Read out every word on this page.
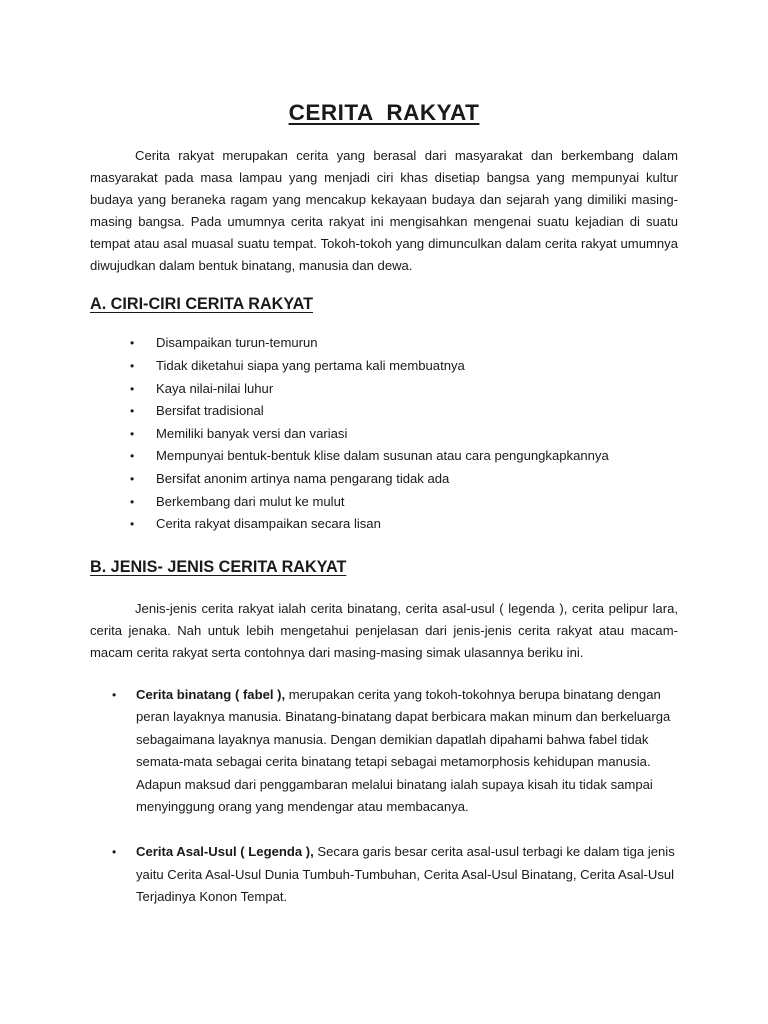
CERITA  RAKYAT

Cerita rakyat merupakan cerita yang berasal dari masyarakat dan berkembang dalam masyarakat pada masa lampau yang menjadi ciri khas disetiap bangsa yang mempunyai kultur budaya yang beraneka ragam yang mencakup kekayaan budaya dan sejarah yang dimiliki masing-masing bangsa. Pada umumnya cerita rakyat ini mengisahkan mengenai suatu kejadian di suatu tempat atau asal muasal suatu tempat. Tokoh-tokoh yang dimunculkan dalam cerita rakyat umumnya diwujudkan dalam bentuk binatang, manusia dan dewa.

A. CIRI-CIRI CERITA RAKYAT
• Disampaikan turun-temurun
• Tidak diketahui siapa yang pertama kali membuatnya
• Kaya nilai-nilai luhur
• Bersifat tradisional
• Memiliki banyak versi dan variasi
• Mempunyai bentuk-bentuk klise dalam susunan atau cara pengungkapkannya
• Bersifat anonim artinya nama pengarang tidak ada
• Berkembang dari mulut ke mulut
• Cerita rakyat disampaikan secara lisan
B. JENIS- JENIS CERITA RAKYAT

Jenis-jenis cerita rakyat ialah cerita binatang, cerita asal-usul ( legenda ), cerita pelipur lara, cerita jenaka. Nah untuk lebih mengetahui penjelasan dari jenis-jenis cerita rakyat atau macam-macam cerita rakyat serta contohnya dari masing-masing simak ulasannya beriku ini.

• Cerita binatang ( fabel ), merupakan cerita yang tokoh-tokohnya berupa binatang dengan peran layaknya manusia. Binatang-binatang dapat berbicara makan minum dan berkeluarga sebagaimana layaknya manusia. Dengan demikian dapatlah dipahami bahwa fabel tidak semata-mata sebagai cerita binatang tetapi sebagai metamorphosis kehidupan manusia. Adapun maksud dari penggambaran melalui binatang ialah supaya kisah itu tidak sampai menyinggung orang yang mendengar atau membacanya.
• Cerita Asal-Usul ( Legenda ), Secara garis besar cerita asal-usul terbagi ke dalam tiga jenis yaitu Cerita Asal-Usul Dunia Tumbuh-Tumbuhan, Cerita Asal-Usul Binatang, Cerita Asal-Usul Terjadinya Konon Tempat.
